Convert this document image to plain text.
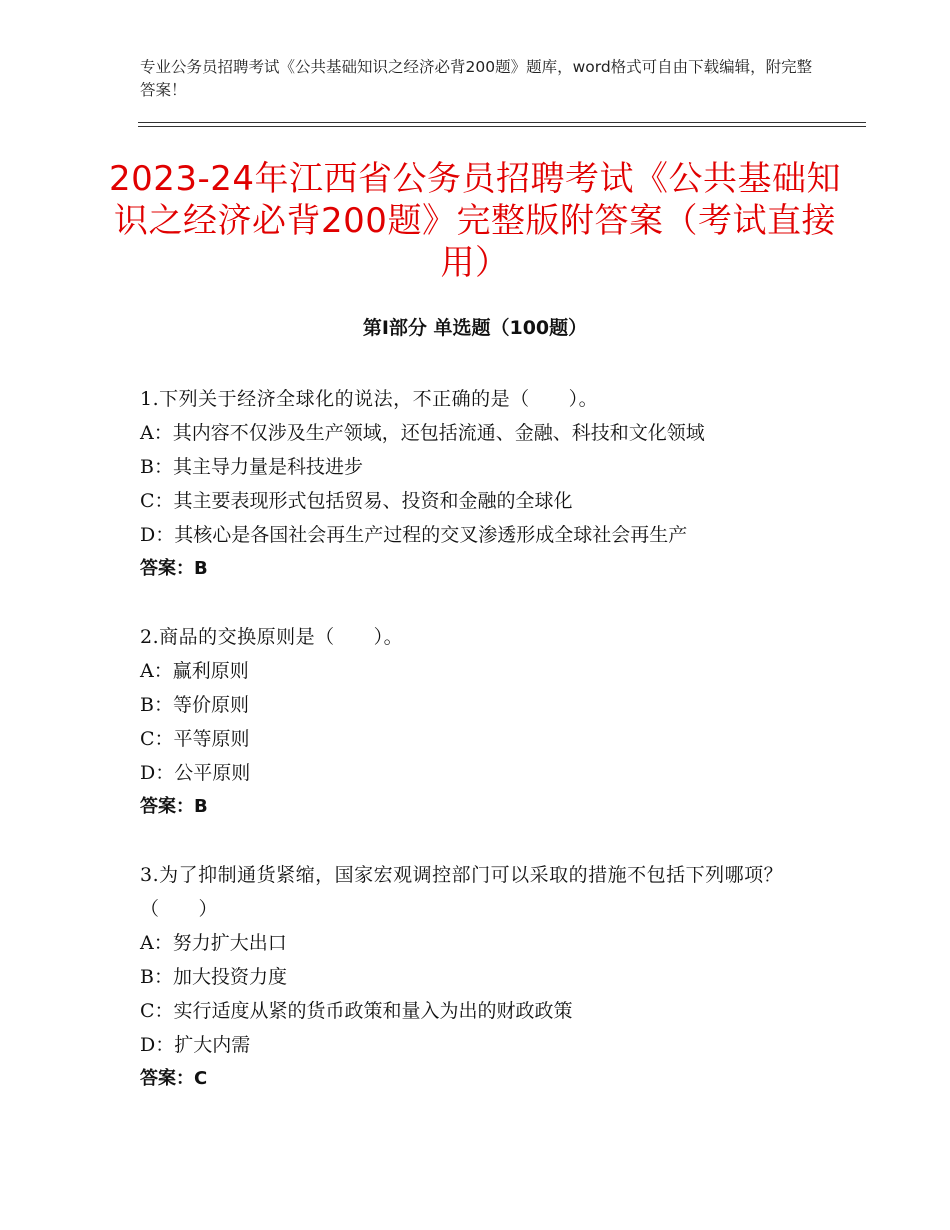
专业公务员招聘考试《公共基础知识之经济必背200题》题库，word格式可自由下载编辑，附完整答案！
2023-24年江西省公务员招聘考试《公共基础知识之经济必背200题》完整版附答案（考试直接用）
第Ⅰ部分 单选题（100题）
1.下列关于经济全球化的说法，不正确的是（　　）。
A：其内容不仅涉及生产领域，还包括流通、金融、科技和文化领域
B：其主导力量是科技进步
C：其主要表现形式包括贸易、投资和金融的全球化
D：其核心是各国社会再生产过程的交叉渗透形成全球社会再生产
答案：B
2.商品的交换原则是（　　）。
A：赢利原则
B：等价原则
C：平等原则
D：公平原则
答案：B
3.为了抑制通货紧缩，国家宏观调控部门可以采取的措施不包括下列哪项？（　　）
A：努力扩大出口
B：加大投资力度
C：实行适度从紧的货币政策和量入为出的财政政策
D：扩大内需
答案：C
